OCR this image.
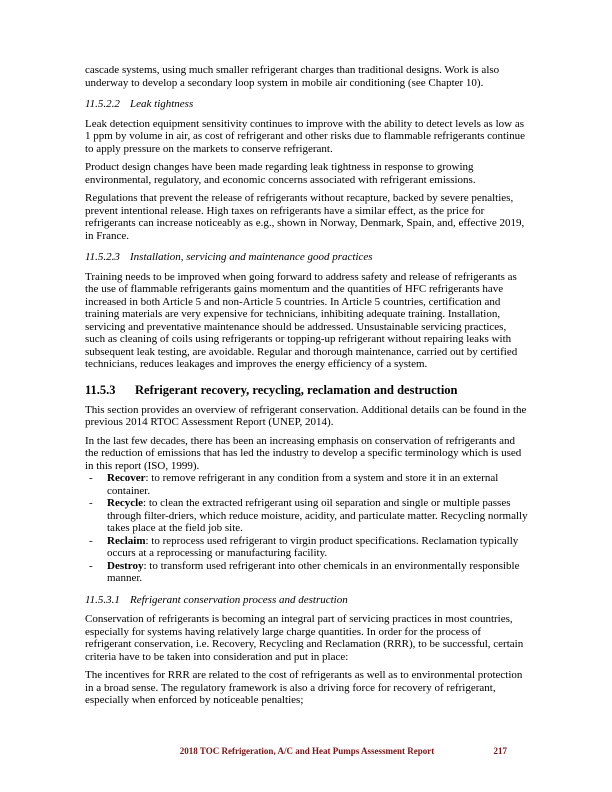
cascade systems, using much smaller refrigerant charges than traditional designs. Work is also underway to develop a secondary loop system in mobile air conditioning (see Chapter 10).

11.5.2.2 Leak tightness

Leak detection equipment sensitivity continues to improve with the ability to detect levels as low as 1 ppm by volume in air, as cost of refrigerant and other risks due to flammable refrigerants continue to apply pressure on the markets to conserve refrigerant.

Product design changes have been made regarding leak tightness in response to growing environmental, regulatory, and economic concerns associated with refrigerant emissions.

Regulations that prevent the release of refrigerants without recapture, backed by severe penalties, prevent intentional release. High taxes on refrigerants have a similar effect, as the price for refrigerants can increase noticeably as e.g., shown in Norway, Denmark, Spain, and, effective 2019, in France.

11.5.2.3 Installation, servicing and maintenance good practices

Training needs to be improved when going forward to address safety and release of refrigerants as the use of flammable refrigerants gains momentum and the quantities of HFC refrigerants have increased in both Article 5 and non-Article 5 countries. In Article 5 countries, certification and training materials are very expensive for technicians, inhibiting adequate training. Installation, servicing and preventative maintenance should be addressed. Unsustainable servicing practices, such as cleaning of coils using refrigerants or topping-up refrigerant without repairing leaks with subsequent leak testing, are avoidable. Regular and thorough maintenance, carried out by certified technicians, reduces leakages and improves the energy efficiency of a system.

11.5.3 Refrigerant recovery, recycling, reclamation and destruction

This section provides an overview of refrigerant conservation. Additional details can be found in the previous 2014 RTOC Assessment Report (UNEP, 2014).

In the last few decades, there has been an increasing emphasis on conservation of refrigerants and the reduction of emissions that has led the industry to develop a specific terminology which is used in this report (ISO, 1999).

- Recover: to remove refrigerant in any condition from a system and store it in an external container.
- Recycle: to clean the extracted refrigerant using oil separation and single or multiple passes through filter-driers, which reduce moisture, acidity, and particulate matter. Recycling normally takes place at the field job site.
- Reclaim: to reprocess used refrigerant to virgin product specifications. Reclamation typically occurs at a reprocessing or manufacturing facility.
- Destroy: to transform used refrigerant into other chemicals in an environmentally responsible manner.
11.5.3.1 Refrigerant conservation process and destruction

Conservation of refrigerants is becoming an integral part of servicing practices in most countries, especially for systems having relatively large charge quantities. In order for the process of refrigerant conservation, i.e. Recovery, Recycling and Reclamation (RRR), to be successful, certain criteria have to be taken into consideration and put in place:

The incentives for RRR are related to the cost of refrigerants as well as to environmental protection in a broad sense. The regulatory framework is also a driving force for recovery of refrigerant, especially when enforced by noticeable penalties;

2018 TOC Refrigeration, A/C and Heat Pumps Assessment Report	217
